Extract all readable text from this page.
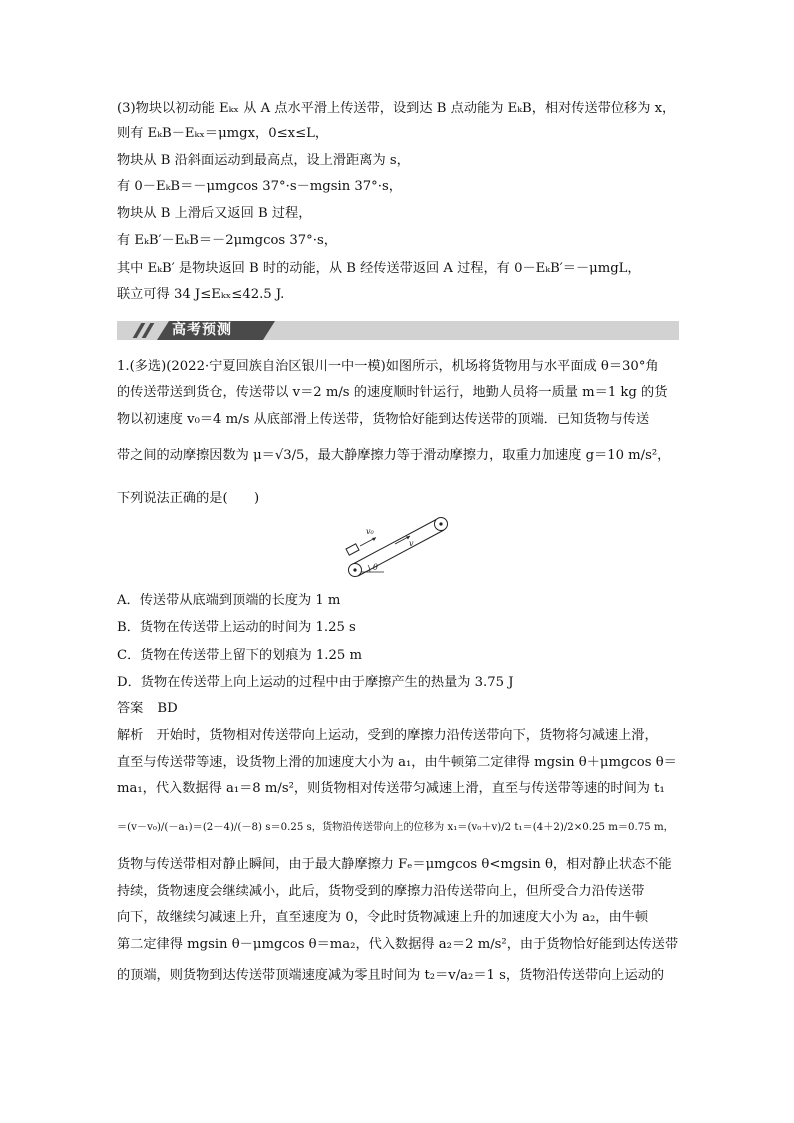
(3)物块以初动能 Eₖₓ 从 A 点水平滑上传送带，设到达 B 点动能为 EₖB，相对传送带位移为 x，
则有 EₖB－Eₖₓ＝μmgx，0≤x≤L，
物块从 B 沿斜面运动到最高点，设上滑距离为 s，
有 0－EₖB＝－μmgcos 37°·s－mgsin 37°·s，
物块从 B 上滑后又返回 B 过程，
有 EₖB′－EₖB＝－2μmgcos 37°·s，
其中 EₖB′ 是物块返回 B 时的动能，从 B 经传送带返回 A 过程，有 0－EₖB′＝－μmgL，
联立可得 34 J≤Eₖₓ≤42.5 J.
高考预测
1.(多选)(2022·宁夏回族自治区银川一中一模)如图所示，机场将货物用与水平面成 θ＝30°角
的传送带送到货仓，传送带以 v＝2 m/s 的速度顺时针运行，地勤人员将一质量 m＝1 kg 的货
物以初速度 v₀＝4 m/s 从底部滑上传送带，货物恰好能到达传送带的顶端．已知货物与传送
带之间的动摩擦因数为 μ＝√3/5，最大静摩擦力等于滑动摩擦力，取重力加速度 g＝10 m/s²，
下列说法正确的是(　　)
v₀
v
θ
A．传送带从底端到顶端的长度为 1 m
B．货物在传送带上运动的时间为 1.25 s
C．货物在传送带上留下的划痕为 1.25 m
D．货物在传送带上向上运动的过程中由于摩擦产生的热量为 3.75 J
答案 BD
解析　开始时，货物相对传送带向上运动，受到的摩擦力沿传送带向下，货物将匀减速上滑，
直至与传送带等速，设货物上滑的加速度大小为 a₁，由牛顿第二定律得 mgsin θ＋μmgcos θ＝
ma₁，代入数据得 a₁＝8 m/s²，则货物相对传送带匀减速上滑，直至与传送带等速的时间为 t₁
＝(v－v₀)/(－a₁)＝(2－4)/(－8) s＝0.25 s，货物沿传送带向上的位移为 x₁＝(v₀＋v)/2 t₁＝(4＋2)/2×0.25 m＝0.75 m，
货物与传送带相对静止瞬间，由于最大静摩擦力 Fₑ＝μmgcos θ<mgsin θ，相对静止状态不能
持续，货物速度会继续减小，此后，货物受到的摩擦力沿传送带向上，但所受合力沿传送带
向下，故继续匀减速上升，直至速度为 0，令此时货物减速上升的加速度大小为 a₂，由牛顿
第二定律得 mgsin θ－μmgcos θ＝ma₂，代入数据得 a₂＝2 m/s²，由于货物恰好能到达传送带
的顶端，则货物到达传送带顶端速度减为零且时间为 t₂＝v/a₂＝1 s，货物沿传送带向上运动的
